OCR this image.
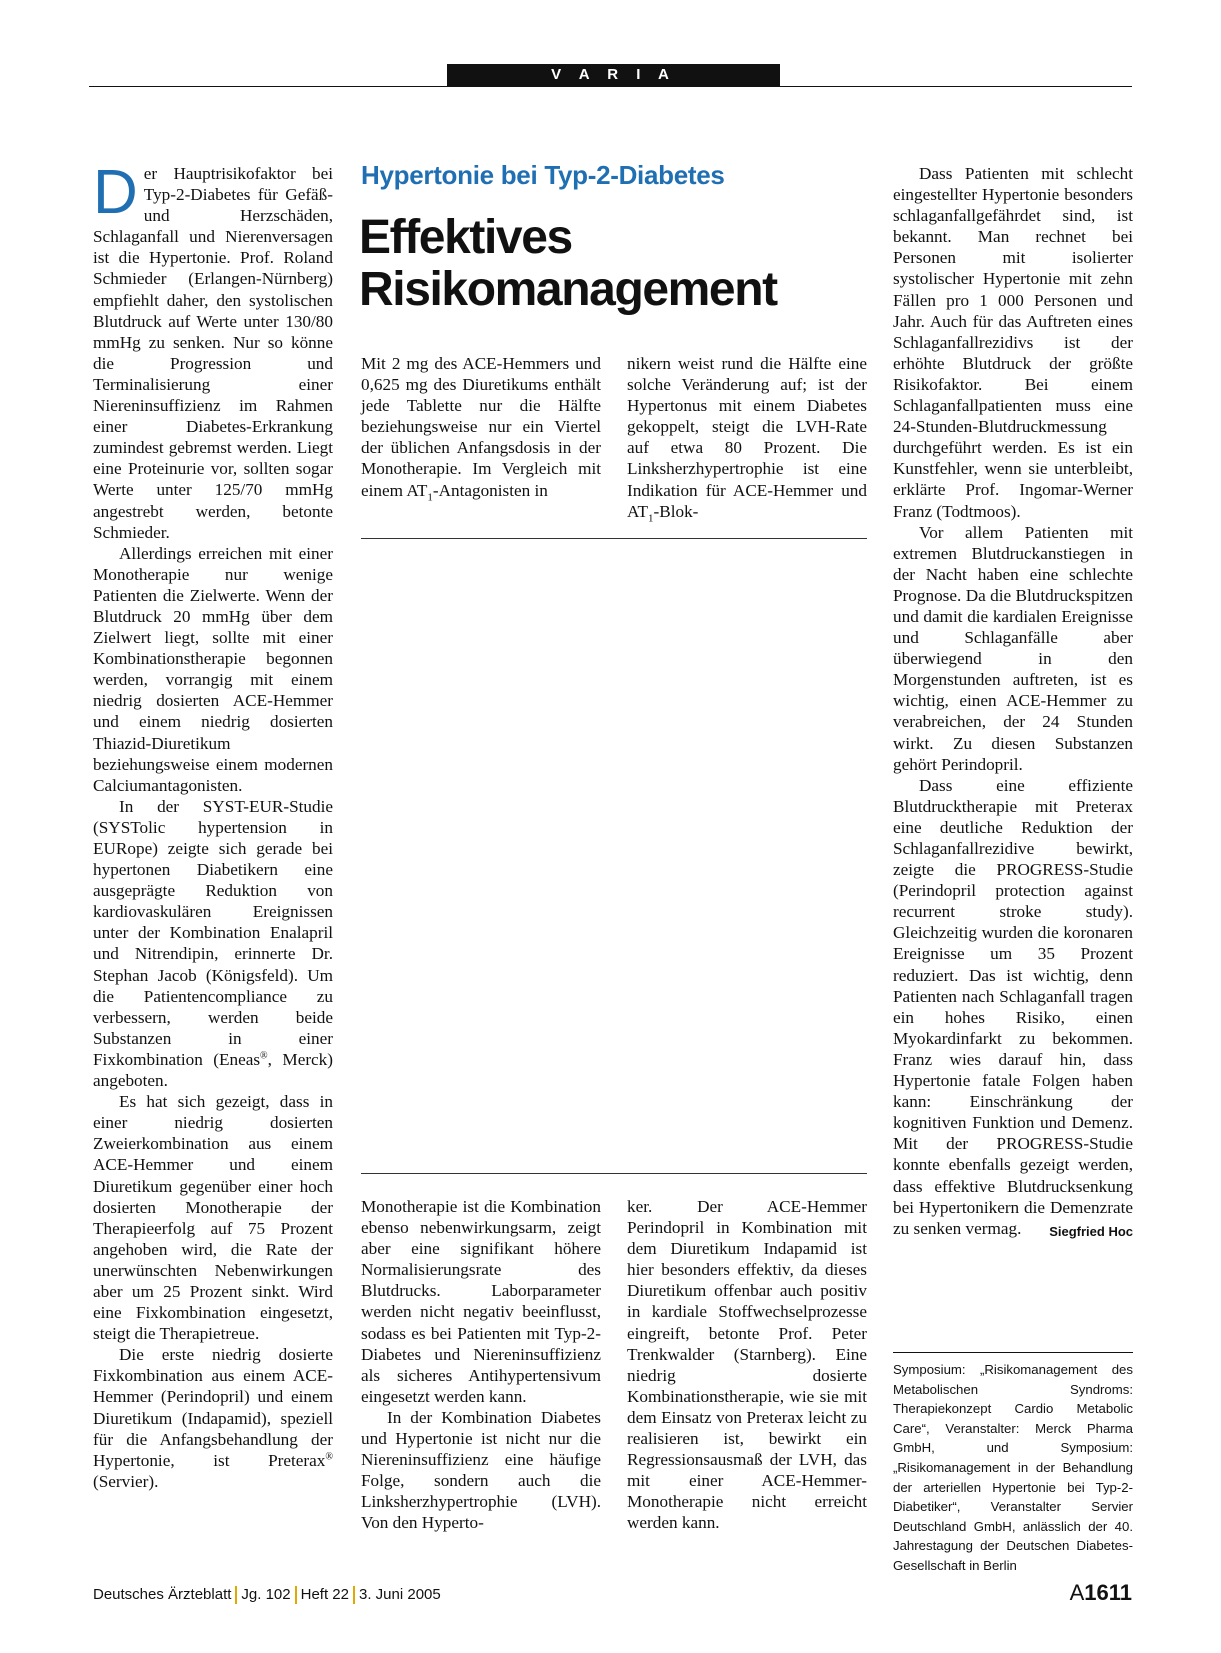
V A R I A

Der Hauptrisikofaktor bei Typ-2-Diabetes für Gefäß- und Herzschäden, Schlaganfall und Nierenversagen ist die Hypertonie. Prof. Roland Schmieder (Erlangen-Nürnberg) empfiehlt daher, den systolischen Blutdruck auf Werte unter 130/80 mmHg zu senken. Nur so könne die Progression und Terminalisierung einer Niereninsuffizienz im Rahmen einer Diabetes-Erkrankung zumindest gebremst werden. Liegt eine Proteinurie vor, sollten sogar Werte unter 125/70 mmHg angestrebt werden, betonte Schmieder.

Allerdings erreichen mit einer Monotherapie nur wenige Patienten die Zielwerte. Wenn der Blutdruck 20 mmHg über dem Zielwert liegt, sollte mit einer Kombinationstherapie begonnen werden, vorrangig mit einem niedrig dosierten ACE-Hemmer und einem niedrig dosierten Thiazid-Diuretikum beziehungsweise einem modernen Calciumantagonisten.

In der SYST-EUR-Studie (SYSTolic hypertension in EURope) zeigte sich gerade bei hypertonen Diabetikern eine ausgeprägte Reduktion von kardiovaskulären Ereignissen unter der Kombination Enalapril und Nitrendipin, erinnerte Dr. Stephan Jacob (Königsfeld). Um die Patientencompliance zu verbessern, werden beide Substanzen in einer Fixkombination (Eneas®, Merck) angeboten.

Es hat sich gezeigt, dass in einer niedrig dosierten Zweierkombination aus einem ACE-Hemmer und einem Diuretikum gegenüber einer hoch dosierten Monotherapie der Therapieerfolg auf 75 Prozent angehoben wird, die Rate der unerwünschten Nebenwirkungen aber um 25 Prozent sinkt. Wird eine Fixkombination eingesetzt, steigt die Therapietreue.

Die erste niedrig dosierte Fixkombination aus einem ACE-Hemmer (Perindopril) und einem Diuretikum (Indapamid), speziell für die Anfangsbehandlung der Hypertonie, ist Preterax® (Servier).

Hypertonie bei Typ-2-Diabetes
Effektives
Risikomanagement

Mit 2 mg des ACE-Hemmers und 0,625 mg des Diuretikums enthält jede Tablette nur die Hälfte beziehungsweise nur ein Viertel der üblichen Anfangsdosis in der Monotherapie. Im Vergleich mit einem $AT_1$-Antagonisten in

nikern weist rund die Hälfte eine solche Veränderung auf; ist der Hypertonus mit einem Diabetes gekoppelt, steigt die LVH-Rate auf etwa 80 Prozent. Die Linksherzhypertrophie ist eine Indikation für ACE-Hemmer und $AT_1-Blok-$

Monotherapie ist die Kombination ebenso nebenwirkungsarm, zeigt aber eine signifikant höhere Normalisierungsrate des Blutdrucks. Laborparameter werden nicht negativ beeinflusst, sodass es bei Patienten mit Typ-2-Diabetes und Niereninsuffizienz als sicheres Antihypertensivum eingesetzt werden kann.

In der Kombination Diabetes und Hypertonie ist nicht nur die Niereninsuffizienz eine häufige Folge, sondern auch die Linksherzhypertrophie (LVH). Von den Hyperto-

ker. Der ACE-Hemmer Perindopril in Kombination mit dem Diuretikum Indapamid ist hier besonders effektiv, da dieses Diuretikum offenbar auch positiv in kardiale Stoffwechselprozesse eingreift, betonte Prof. Peter Trenkwalder (Starnberg). Eine niedrig dosierte Kombinationstherapie, wie sie mit dem Einsatz von Preterax leicht zu realisieren ist, bewirkt ein Regressionsausmaß der LVH, das mit einer ACE-Hemmer-Monotherapie nicht erreicht werden kann.

Dass Patienten mit schlecht eingestellter Hypertonie besonders schlaganfallgefährdet sind, ist bekannt. Man rechnet bei Personen mit isolierter systolischer Hypertonie mit zehn Fällen pro 1 000 Personen und Jahr. Auch für das Auftreten eines Schlaganfallrezidivs ist der erhöhte Blutdruck der größte Risikofaktor. Bei einem Schlaganfallpatienten muss eine 24-Stunden-Blutdruckmessung durchgeführt werden. Es ist ein Kunstfehler, wenn sie unterbleibt, erklärte Prof. Ingomar-Werner Franz (Todtmoos).

Vor allem Patienten mit extremen Blutdruckanstiegen in der Nacht haben eine schlechte Prognose. Da die Blutdruckspitzen und damit die kardialen Ereignisse und Schlaganfälle aber überwiegend in den Morgenstunden auftreten, ist es wichtig, einen ACE-Hemmer zu verabreichen, der 24 Stunden wirkt. Zu diesen Substanzen gehört Perindopril.

Dass eine effiziente Blutdrucktherapie mit Preterax eine deutliche Reduktion der Schlaganfallrezidive bewirkt, zeigte die PROGRESS-Studie (Perindopril protection against recurrent stroke study). Gleichzeitig wurden die koronaren Ereignisse um 35 Prozent reduziert. Das ist wichtig, denn Patienten nach Schlaganfall tragen ein hohes Risiko, einen Myokardinfarkt zu bekommen. Franz wies darauf hin, dass Hypertonie fatale Folgen haben kann: Einschränkung der kognitiven Funktion und Demenz. Mit der PROGRESS-Studie konnte ebenfalls gezeigt werden, dass effektive Blutdrucksenkung bei Hypertonikern die Demenzrate zu senken vermag.	Siegfried Hoc

Symposium: „Risikomanagement des Metabolischen Syndroms: Therapiekonzept Cardio Metabolic Care“, Veranstalter: Merck Pharma GmbH, und Symposium: „Risikomanagement in der Behandlung der arteriellen Hypertonie bei Typ-2-Diabetiker“, Veranstalter Servier Deutschland GmbH, anlässlich der 40. Jahrestagung der Deutschen Diabetes-Gesellschaft in Berlin
Deutsches Ärzteblatt Jg. 102 Heft 22 3. Juni 2005	A1611
